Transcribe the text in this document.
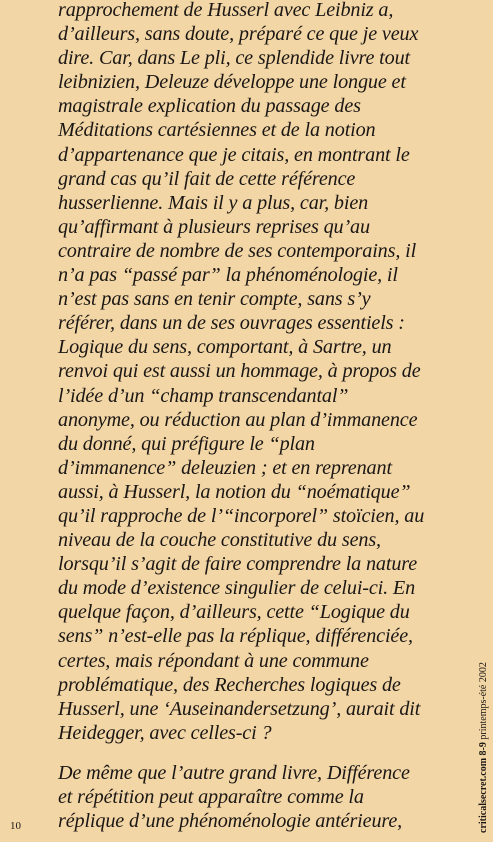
rapprochement de Husserl avec Leibniz a,
d’ailleurs, sans doute, préparé ce que je veux
dire. Car, dans Le pli, ce splendide livre tout
leibnizien, Deleuze développe une longue et
magistrale explication du passage des
Méditations cartésiennes et de la notion
d’appartenance que je citais, en montrant le
grand cas qu’il fait de cette référence
husserlienne. Mais il y a plus, car, bien
qu’affirmant à plusieurs reprises qu’au
contraire de nombre de ses contemporains, il
n’a pas “passé par” la phénoménologie, il
n’est pas sans en tenir compte, sans s’y
référer, dans un de ses ouvrages essentiels :
Logique du sens, comportant, à Sartre, un
renvoi qui est aussi un hommage, à propos de
l’idée d’un “champ transcendantal”
anonyme, ou réduction au plan d’immanence
du donné, qui préfigure le “plan
d’immanence” deleuzien ; et en reprenant
aussi, à Husserl, la notion du “noématique”
qu’il rapproche de l’“incorporel” stoïcien, au
niveau de la couche constitutive du sens,
lorsqu’il s’agit de faire comprendre la nature
du mode d’existence singulier de celui-ci. En
quelque façon, d’ailleurs, cette “Logique du
sens” n’est-elle pas la réplique, différenciée,
certes, mais répondant à une commune
problématique, des Recherches logiques de
Husserl, une ‘Auseinandersetzung’, aurait dit
Heidegger, avec celles-ci ?
De même que l’autre grand livre, Différence
et répétition peut apparaître comme la
réplique d’une phénoménologie antérieure,
10	criticalsecret.com 8-9 printemps-été 2002
